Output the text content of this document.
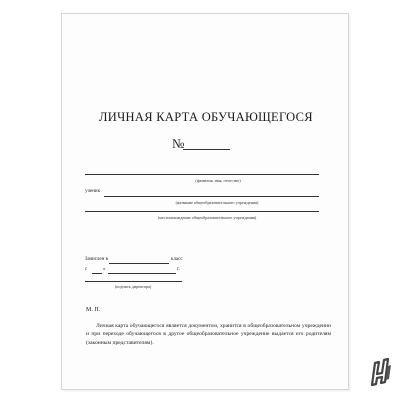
ЛИЧНАЯ КАРТА ОБУЧАЮЩЕГОСЯ
№
(фамилия, имя, отчество)
ученик
(название общеобразовательного учреждения)
(местонахождение общеобразовательного учреждения)
Зачислен в	класс
с	»	г.
(подпись директора)
М. П.
Личная карта обучающегося является документом, хранится в общеобразовательном учреждении и при переходе обучающегося в другое общеобразовательное учреждение выдается его родителям (законным представителям).
